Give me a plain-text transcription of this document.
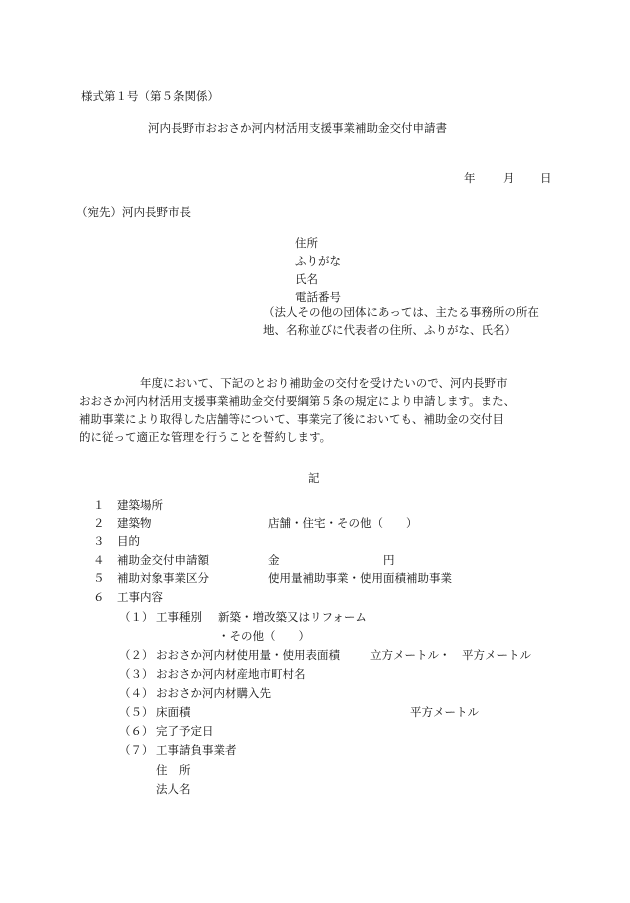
様式第１号（第５条関係）
河内長野市おおさか河内材活用支援事業補助金交付申請書
年 月 日
（宛先）河内長野市長
住所
ふりがな
氏名
電話番号
（法人その他の団体にあっては、主たる事務所の所在地、名称並びに代表者の住所、ふりがな、氏名）
年度において、下記のとおり補助金の交付を受けたいので、河内長野市
おおさか河内材活用支援事業補助金交付要綱第５条の規定により申請します。また、
補助事業により取得した店舗等について、事業完了後においても、補助金の交付目
的に従って適正な管理を行うことを誓約します。
記
１ 建築場所
２ 建築物	店舗・住宅・その他（　　）
３ 目的
４ 補助金交付申請額	金	円
５ 補助対象事業区分	使用量補助事業・使用面積補助事業
６ 工事内容
（１） 工事種別 新築・増改築又はリフォーム
・その他（　　）
（２） おおさか河内材使用量・使用表面積	立方メートル・　平方メートル
（３） おおさか河内材産地市町村名
（４） おおさか河内材購入先
（５） 床面積	平方メートル
（６） 完了予定日
（７） 工事請負事業者
住　所
法人名
